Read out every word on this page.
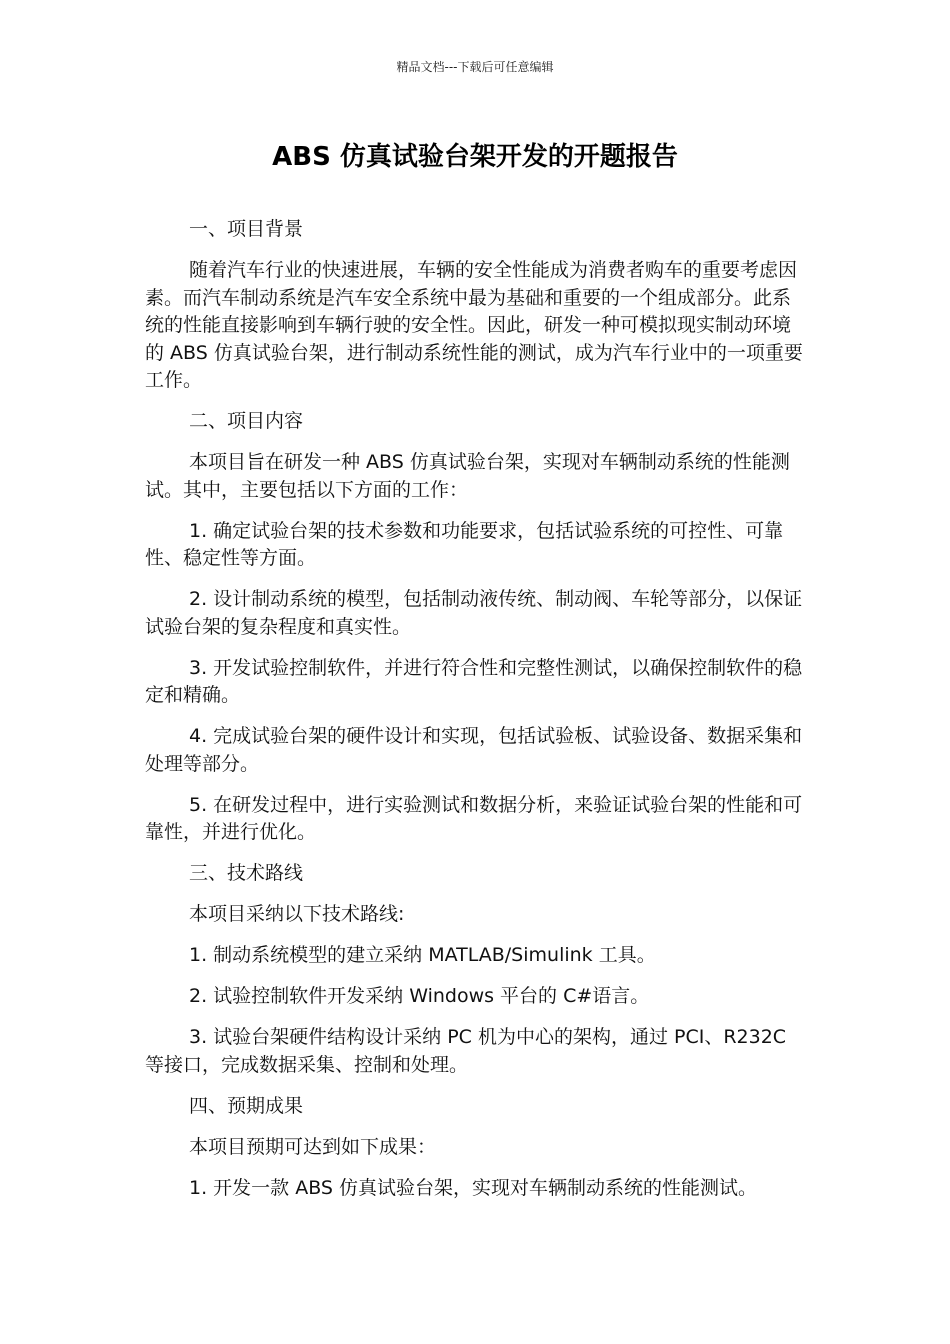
精品文档---下载后可任意编辑
ABS 仿真试验台架开发的开题报告

一、项目背景

随着汽车行业的快速进展，车辆的安全性能成为消费者购车的重要考虑因素。而汽车制动系统是汽车安全系统中最为基础和重要的一个组成部分。此系统的性能直接影响到车辆行驶的安全性。因此，研发一种可模拟现实制动环境的 ABS 仿真试验台架，进行制动系统性能的测试，成为汽车行业中的一项重要工作。

二、项目内容

本项目旨在研发一种 ABS 仿真试验台架，实现对车辆制动系统的性能测试。其中，主要包括以下方面的工作：

1. 确定试验台架的技术参数和功能要求，包括试验系统的可控性、可靠性、稳定性等方面。

2. 设计制动系统的模型，包括制动液传统、制动阀、车轮等部分，以保证试验台架的复杂程度和真实性。

3. 开发试验控制软件，并进行符合性和完整性测试，以确保控制软件的稳定和精确。

4. 完成试验台架的硬件设计和实现，包括试验板、试验设备、数据采集和处理等部分。

5. 在研发过程中，进行实验测试和数据分析，来验证试验台架的性能和可靠性，并进行优化。

三、技术路线

本项目采纳以下技术路线:

1. 制动系统模型的建立采纳 MATLAB/Simulink 工具。

2. 试验控制软件开发采纳 Windows 平台的 C#语言。

3. 试验台架硬件结构设计采纳 PC 机为中心的架构，通过 PCI、R232C 等接口，完成数据采集、控制和处理。

四、预期成果

本项目预期可达到如下成果：

1. 开发一款 ABS 仿真试验台架，实现对车辆制动系统的性能测试。
